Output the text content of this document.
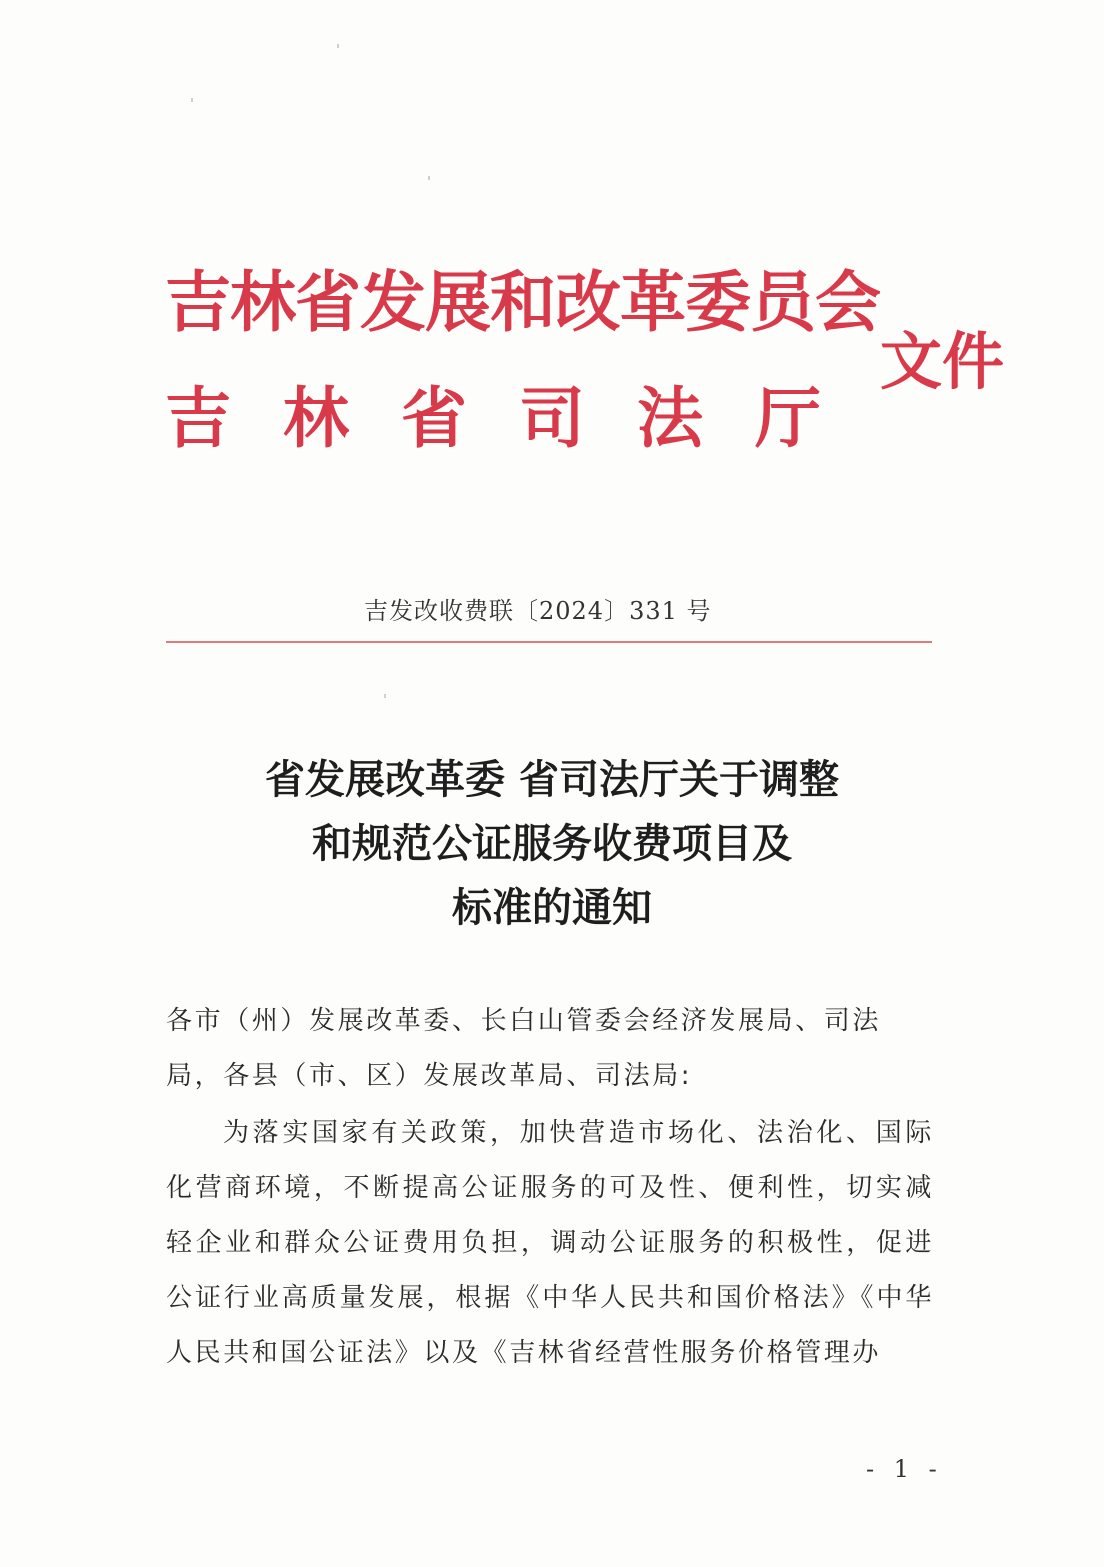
吉林省发展和改革委员会
吉林省司法厅
文件
吉发改收费联〔2024〕331 号
省发展改革委 省司法厅关于调整
和规范公证服务收费项目及
标准的通知
各市（州）发展改革委、长白山管委会经济发展局、司法局，各县（市、区）发展改革局、司法局:
为落实国家有关政策，加快营造市场化、法治化、国际化营商环境，不断提高公证服务的可及性、便利性，切实减轻企业和群众公证费用负担，调动公证服务的积极性，促进公证行业高质量发展，根据《中华人民共和国价格法》《中华人民共和国公证法》以及《吉林省经营性服务价格管理办
- 1 -
